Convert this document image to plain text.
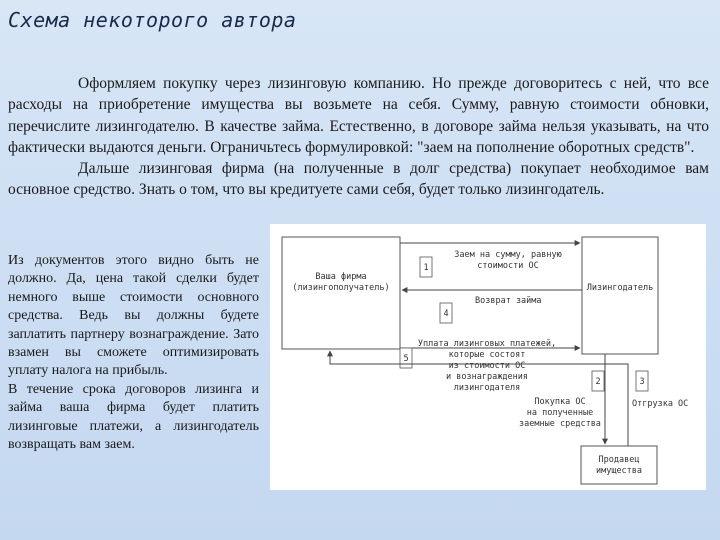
Схема некоторого автора

Оформляем покупку через лизинговую компанию. Но прежде договоритесь с ней, что все расходы на приобретение имущества вы возьмете на себя. Сумму, равную стоимости обновки, перечислите лизингодателю. В качестве займа. Естественно, в договоре займа нельзя указывать, на что фактически выдаются деньги. Ограничьтесь формулировкой: "заем на пополнение оборотных средств".

Дальше лизинговая фирма (на полученные в долг средства) покупает необходимое вам основное средство. Знать о том, что вы кредитуете сами себя, будет только лизингодатель.

Из документов этого видно быть не должно. Да, цена такой сделки будет немного выше стоимости основного средства. Ведь вы должны будете заплатить партнеру вознаграждение. Зато взамен вы сможете оптимизировать уплату налога на прибыль.

В течение срока договоров лизинга и займа ваша фирма будет платить лизинговые платежи, а лизингодатель возвращать вам заем.

Ваша фирма
(лизингополучатель)	Лизингодатель
Продавец
имущества
1
Заем на сумму, равную
стоимости ОС
Возврат займа
4
5
Уплата лизинговых платежей,
которые состоят
из стоимости ОС
и вознаграждения
лизингодателя
2
Покупка ОС
на полученные
заемные средства
3
Отгрузка ОС
